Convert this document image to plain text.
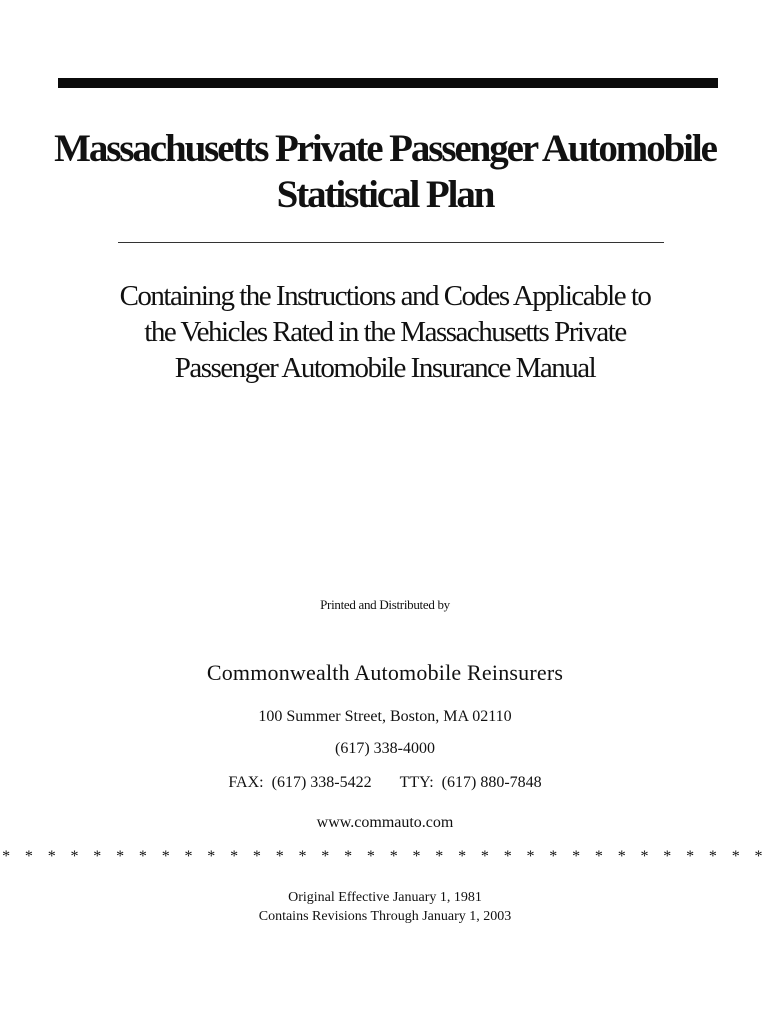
Massachusetts Private Passenger Automobile
Statistical Plan
Containing the Instructions and Codes Applicable to
the Vehicles Rated in the Massachusetts Private
Passenger Automobile Insurance Manual
Printed and Distributed by
Commonwealth Automobile Reinsurers
100 Summer Street, Boston, MA 02110
(617) 338-4000
FAX:  (617) 338-5422 TTY:  (617) 880-7848
www.commauto.com
* * * * * * * * * * * * * * * * * * * * * * * * * * * * * * * * * *
Original Effective January 1, 1981
Contains Revisions Through January 1, 2003
